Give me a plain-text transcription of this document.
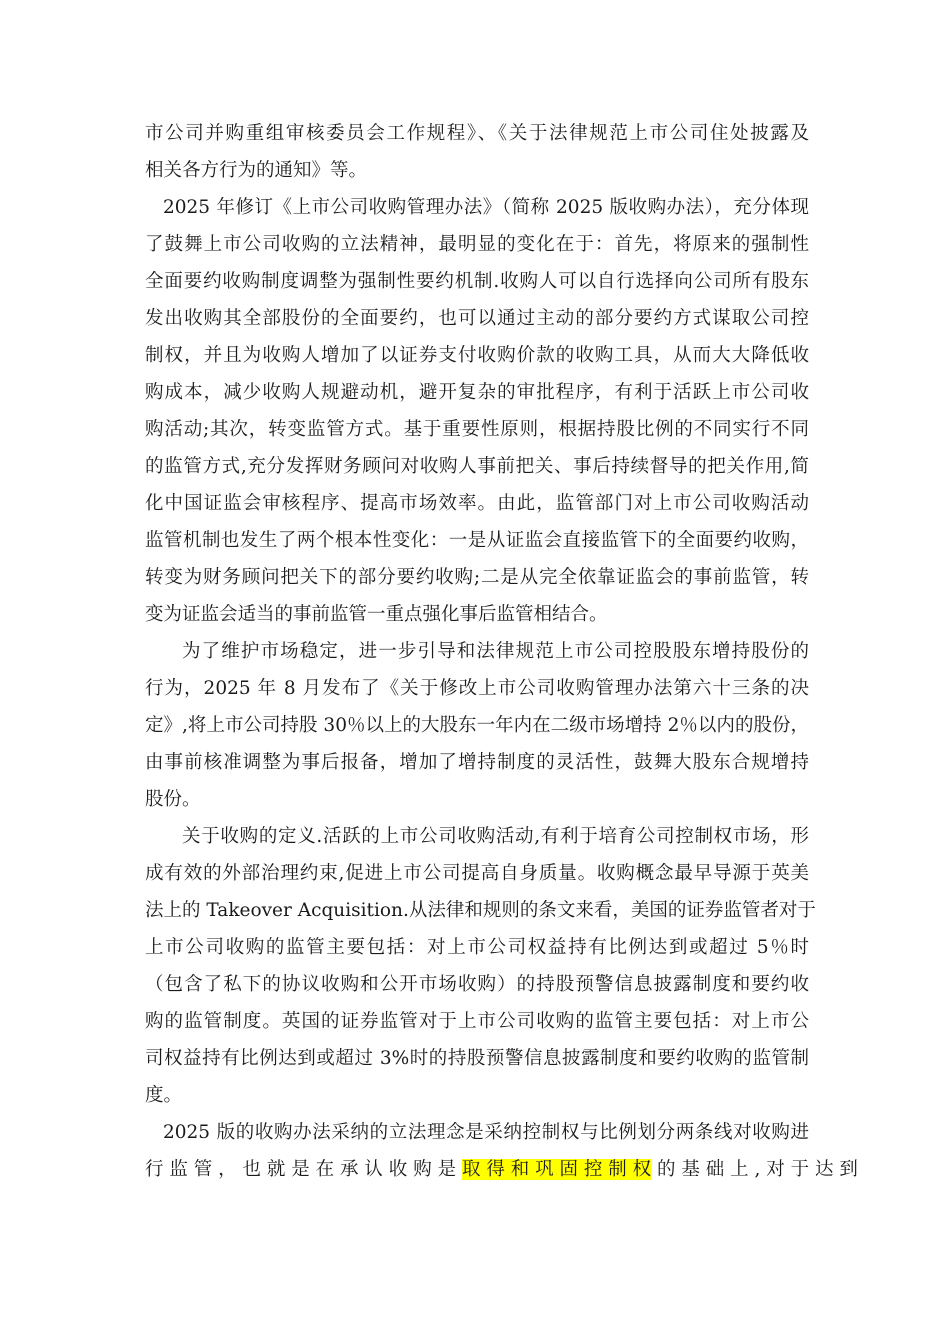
市公司并购重组审核委员会工作规程》、《关于法律规范上市公司住处披露及
相关各方行为的通知》等。
2025 年修订《上市公司收购管理办法》（简称 2025 版收购办法），充分体现
了鼓舞上市公司收购的立法精神，最明显的变化在于：首先，将原来的强制性
全面要约收购制度调整为强制性要约机制.收购人可以自行选择向公司所有股东
发出收购其全部股份的全面要约，也可以通过主动的部分要约方式谋取公司控
制权，并且为收购人增加了以证券支付收购价款的收购工具，从而大大降低收
购成本，减少收购人规避动机，避开复杂的审批程序，有利于活跃上市公司收
购活动;其次，转变监管方式。基于重要性原则，根据持股比例的不同实行不同
的监管方式,充分发挥财务顾问对收购人事前把关、事后持续督导的把关作用,简
化中国证监会审核程序、提高市场效率。由此，监管部门对上市公司收购活动
监管机制也发生了两个根本性变化：一是从证监会直接监管下的全面要约收购，
转变为财务顾问把关下的部分要约收购;二是从完全依靠证监会的事前监管，转
变为证监会适当的事前监管一重点强化事后监管相结合。
为了维护市场稳定，进一步引导和法律规范上市公司控股股东增持股份的
行为，2025 年 8 月发布了《关于修改上市公司收购管理办法第六十三条的决
定》,将上市公司持股 30％以上的大股东一年内在二级市场增持 2％以内的股份，
由事前核准调整为事后报备，增加了增持制度的灵活性，鼓舞大股东合规增持
股份。
关于收购的定义.活跃的上市公司收购活动,有利于培育公司控制权市场，形
成有效的外部治理约束,促进上市公司提高自身质量。收购概念最早导源于英美
法上的 Takeover Acquisition.从法律和规则的条文来看，美国的证券监管者对于
上市公司收购的监管主要包括：对上市公司权益持有比例达到或超过 5％时
（包含了私下的协议收购和公开市场收购）的持股预警信息披露制度和要约收
购的监管制度。英国的证券监管对于上市公司收购的监管主要包括：对上市公
司权益持有比例达到或超过 3%时的持股预警信息披露制度和要约收购的监管制
度。
2025 版的收购办法采纳的立法理念是采纳控制权与比例划分两条线对收购进
行 监 管 ， 也 就 是 在 承 认 收 购 是 取 得 和 巩 固 控 制 权 的 基 础 上 , 对 于 达 到
